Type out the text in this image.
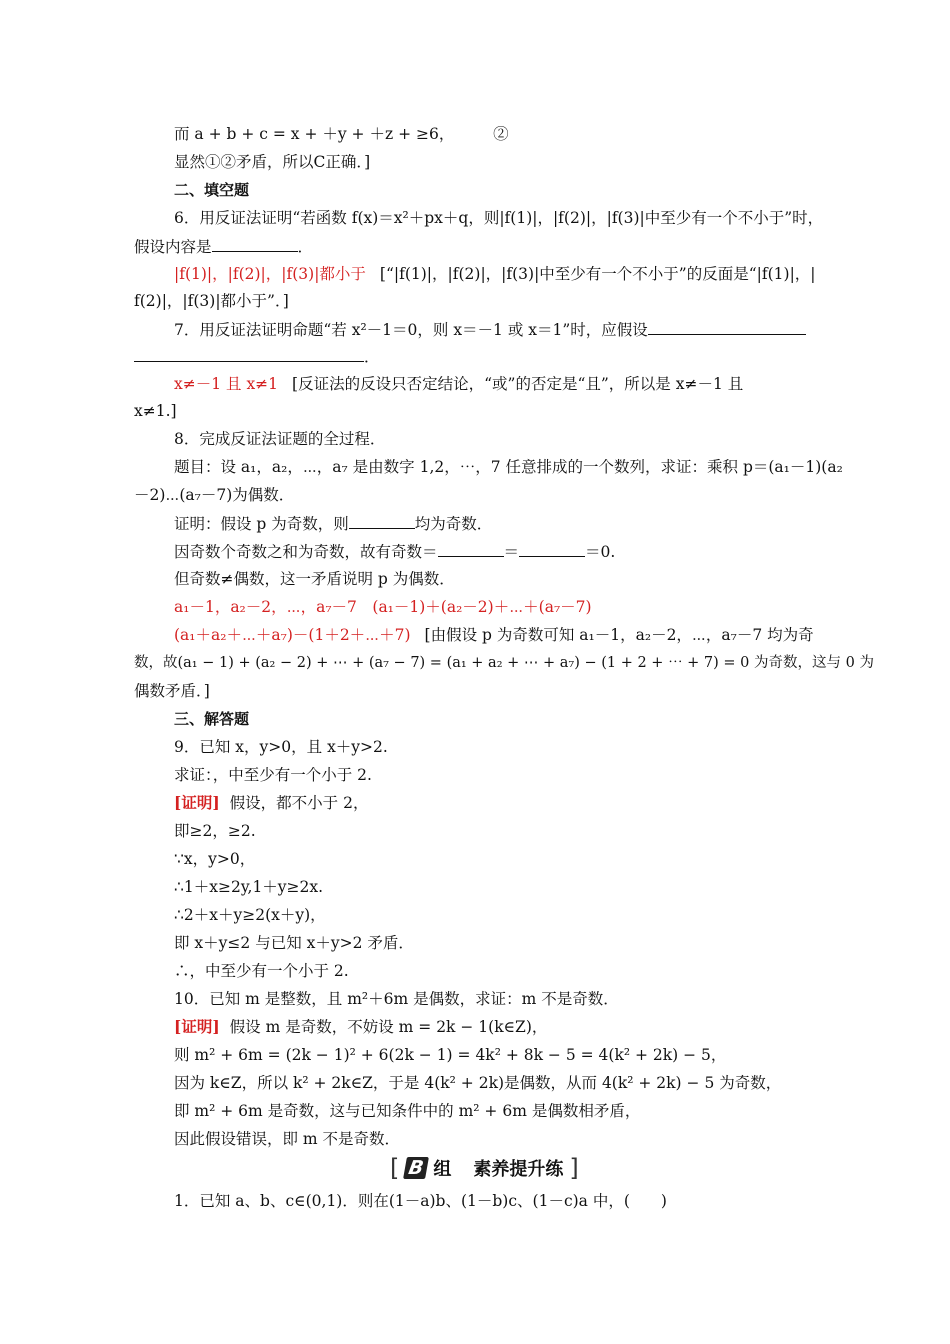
而 a + b + c = x + ＋y + ＋z + ≥6，　　　②
显然①②矛盾，所以C正确．]
二、填空题
6．用反证法证明“若函数 f(x)＝x²＋px＋q，则|f(1)|，|f(2)|，|f(3)|中至少有一个不小于”时，
假设内容是	．
|f(1)|，|f(2)|，|f(3)|都小于 [“|f(1)|，|f(2)|，|f(3)|中至少有一个不小于”的反面是“|f(1)|，|
f(2)|，|f(3)|都小于”．]
7．用反证法证明命题“若 x²－1＝0，则 x＝－1 或 x＝1”时，应假设
．
x≠－1 且 x≠1 [反证法的反设只否定结论，“或”的否定是“且”，所以是 x≠－1 且
x≠1.]
8．完成反证法证题的全过程．
题目：设 a₁，a₂，⋯，a₇ 是由数字 1,2，⋯，7 任意排成的一个数列，求证：乘积 p＝(a₁－1)(a₂
－2)⋯(a₇－7)为偶数．
证明：假设 p 为奇数，则	均为奇数．
因奇数个奇数之和为奇数，故有奇数＝	＝	＝0.
但奇数≠偶数，这一矛盾说明 p 为偶数．
a₁－1，a₂－2，⋯，a₇－7　(a₁－1)＋(a₂－2)＋⋯＋(a₇－7)
(a₁＋a₂＋⋯＋a₇)－(1＋2＋⋯＋7) [由假设 p 为奇数可知 a₁－1，a₂－2，⋯，a₇－7 均为奇
数，故(a₁ − 1) + (a₂ − 2) + ⋯ + (a₇ − 7) = (a₁ + a₂ + ⋯ + a₇) − (1 + 2 + ⋯ + 7) = 0 为奇数，这与 0 为
偶数矛盾．]
三、解答题
9．已知 x，y>0，且 x＋y>2.
求证：，中至少有一个小于 2.
[证明] 假设，都不小于 2，
即≥2，≥2.
∵x，y>0，
∴1＋x≥2y,1＋y≥2x.
∴2＋x＋y≥2(x＋y)，
即 x＋y≤2 与已知 x＋y>2 矛盾．
∴，中至少有一个小于 2.
10．已知 m 是整数，且 m²＋6m 是偶数，求证：m 不是奇数．
[证明] 假设 m 是奇数，不妨设 m = 2k − 1(k∈Z)，
则 m² + 6m = (2k − 1)² + 6(2k − 1) = 4k² + 8k − 5 = 4(k² + 2k) − 5，
因为 k∈Z，所以 k² + 2k∈Z，于是 4(k² + 2k)是偶数，从而 4(k² + 2k) − 5 为奇数，
即 m² + 6m 是奇数，这与已知条件中的 m² + 6m 是偶数相矛盾，
因此假设错误，即 m 不是奇数．
[ B 组 素养提升练 ]
1．已知 a、b、c∈(0,1)．则在(1－a)b、(1－b)c、(1－c)a 中，(　　)
